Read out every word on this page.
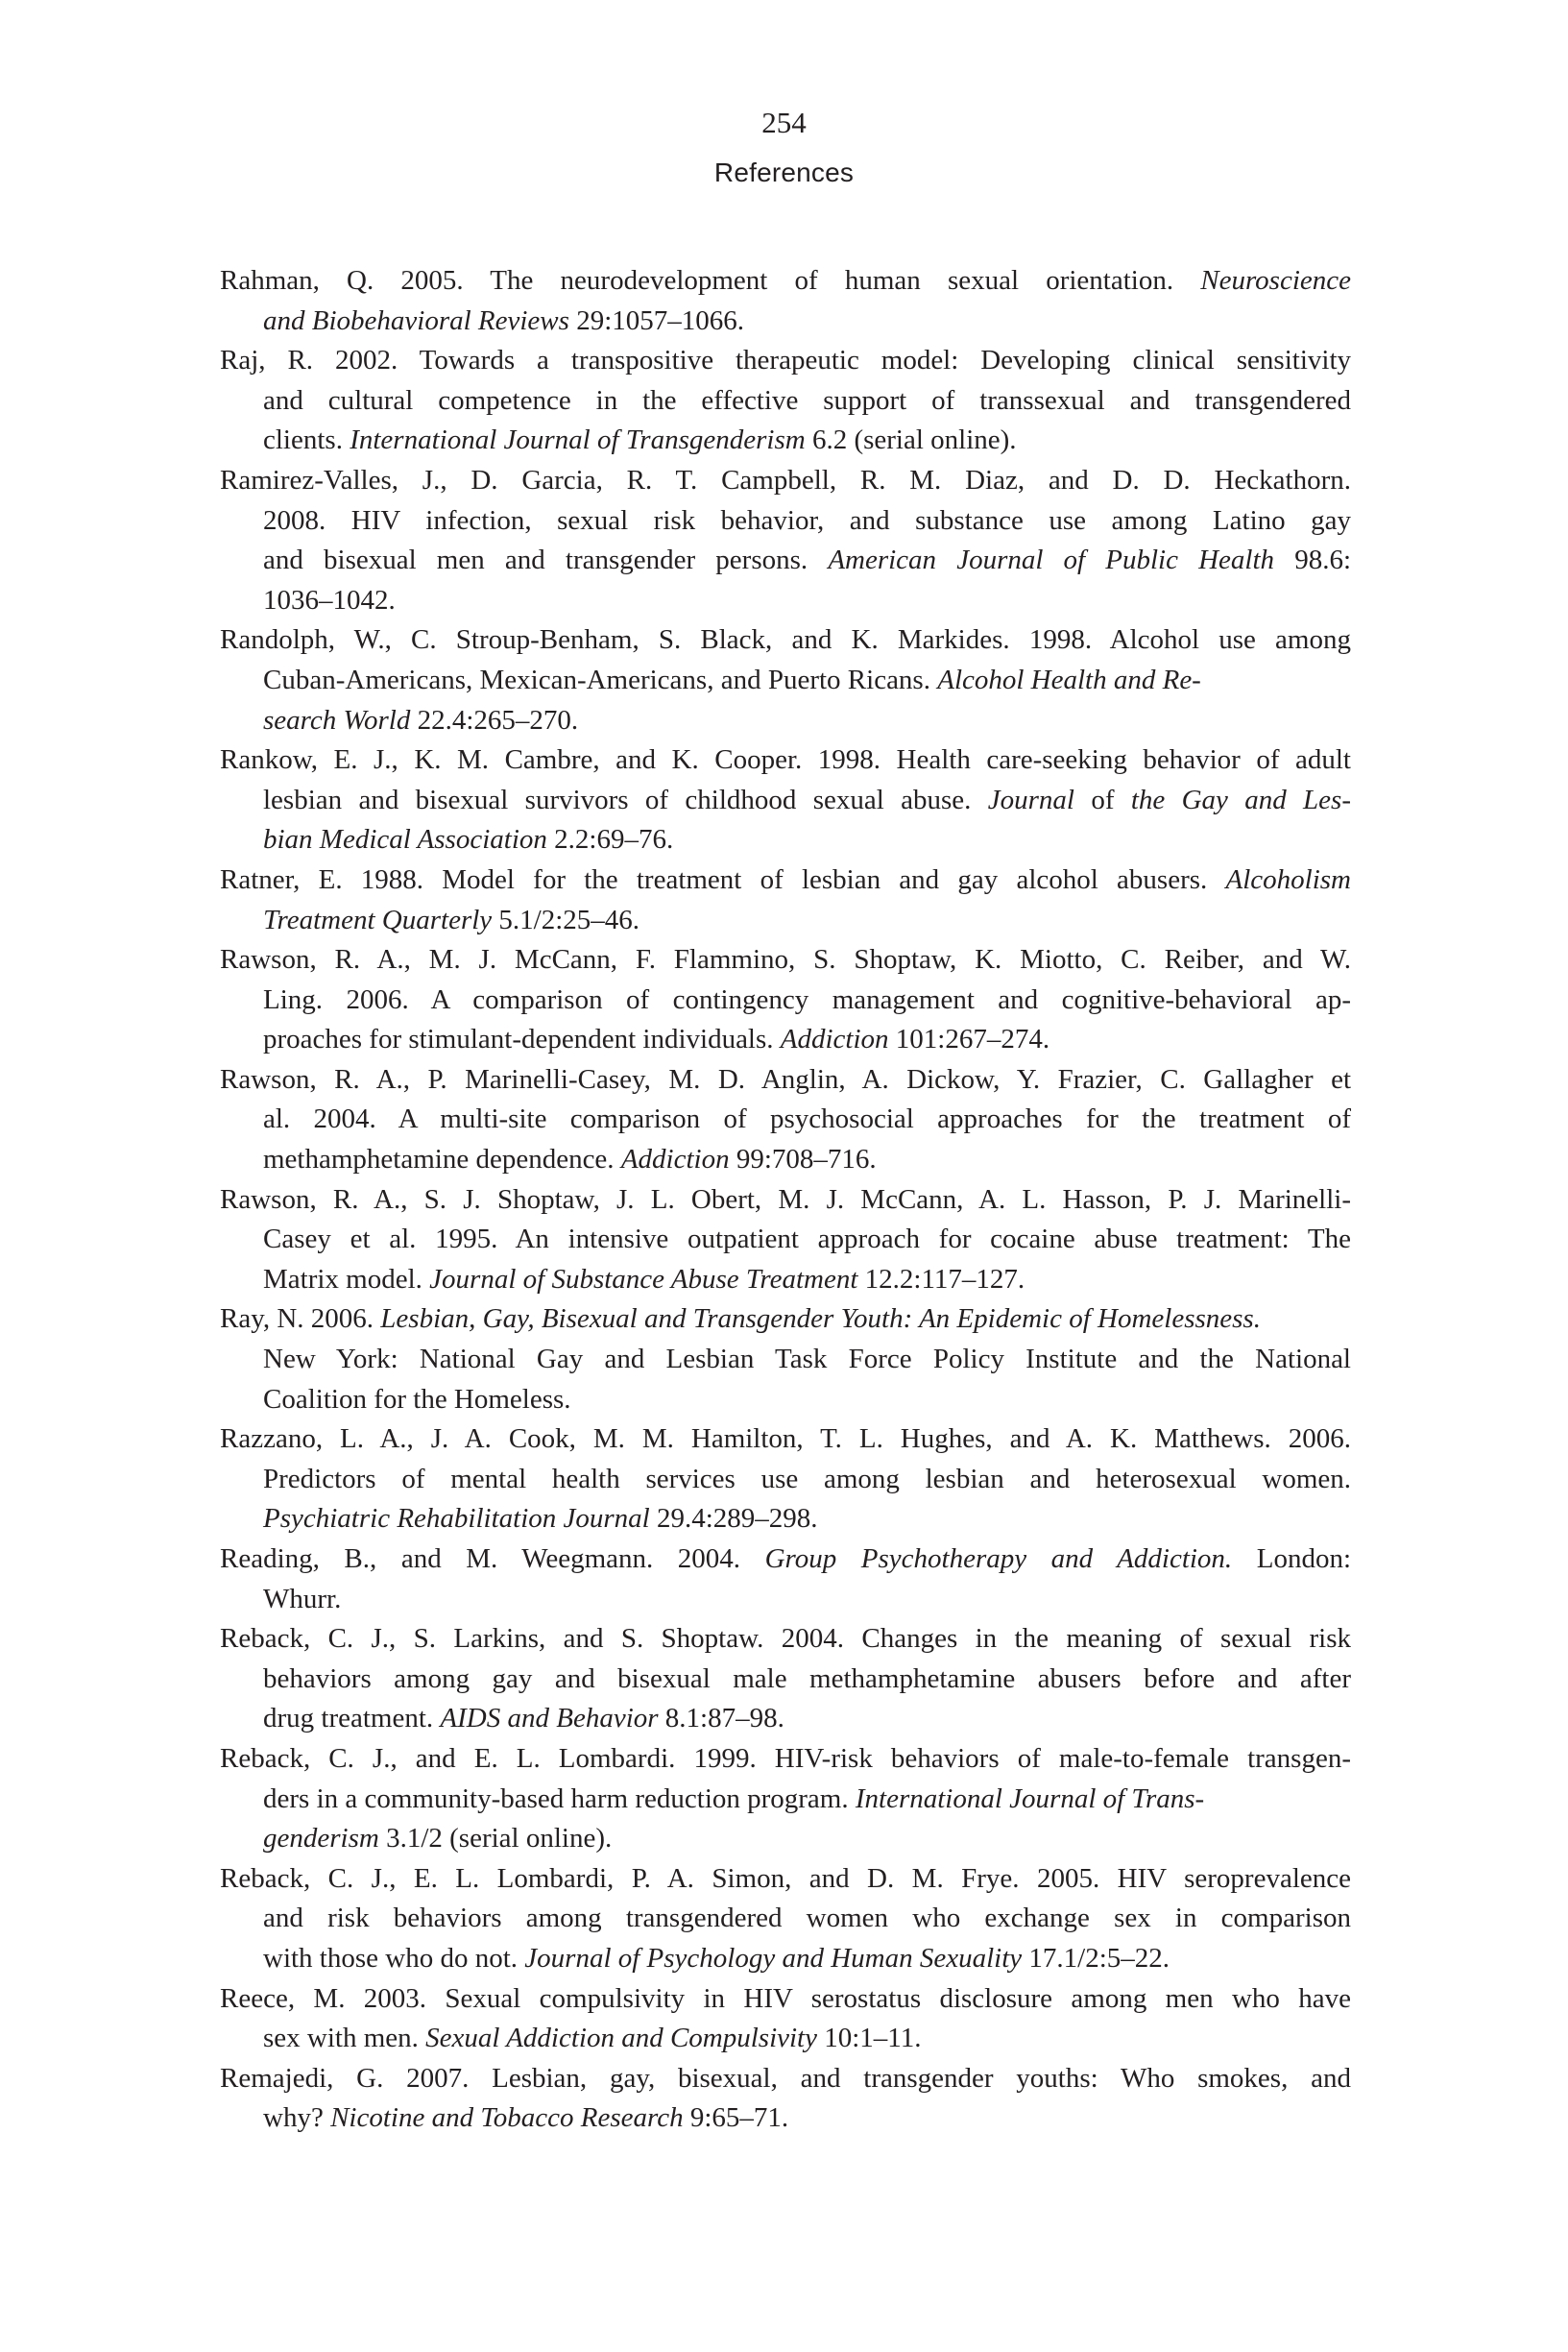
254
References
Rahman, Q. 2005. The neurodevelopment of human sexual orientation. Neuroscience
and Biobehavioral Reviews 29:1057–1066.
Raj, R. 2002. Towards a transpositive therapeutic model: Developing clinical sensitivity
and cultural competence in the effective support of transsexual and transgendered
clients. International Journal of Transgenderism 6.2 (serial online).
Ramirez-Valles, J., D. Garcia, R. T. Campbell, R. M. Diaz, and D. D. Heckathorn.
2008. HIV infection, sexual risk behavior, and substance use among Latino gay
and bisexual men and transgender persons. American Journal of Public Health 98.6:
1036–1042.
Randolph, W., C. Stroup-Benham, S. Black, and K. Markides. 1998. Alcohol use among
Cuban-Americans, Mexican-Americans, and Puerto Ricans. Alcohol Health and Re-
search World 22.4:265–270.
Rankow, E. J., K. M. Cambre, and K. Cooper. 1998. Health care-seeking behavior of adult
lesbian and bisexual survivors of childhood sexual abuse. Journal of the Gay and Les-
bian Medical Association 2.2:69–76.
Ratner, E. 1988. Model for the treatment of lesbian and gay alcohol abusers. Alcoholism
Treatment Quarterly 5.1/2:25–46.
Rawson, R. A., M. J. McCann, F. Flammino, S. Shoptaw, K. Miotto, C. Reiber, and W.
Ling. 2006. A comparison of contingency management and cognitive-behavioral ap-
proaches for stimulant-dependent individuals. Addiction 101:267–274.
Rawson, R. A., P. Marinelli-Casey, M. D. Anglin, A. Dickow, Y. Frazier, C. Gallagher et
al. 2004. A multi-site comparison of psychosocial approaches for the treatment of
methamphetamine dependence. Addiction 99:708–716.
Rawson, R. A., S. J. Shoptaw, J. L. Obert, M. J. McCann, A. L. Hasson, P. J. Marinelli-
Casey et al. 1995. An intensive outpatient approach for cocaine abuse treatment: The
Matrix model. Journal of Substance Abuse Treatment 12.2:117–127.
Ray, N. 2006. Lesbian, Gay, Bisexual and Transgender Youth: An Epidemic of Homelessness.
New York: National Gay and Lesbian Task Force Policy Institute and the National
Coalition for the Homeless.
Razzano, L. A., J. A. Cook, M. M. Hamilton, T. L. Hughes, and A. K. Matthews. 2006.
Predictors of mental health services use among lesbian and heterosexual women.
Psychiatric Rehabilitation Journal 29.4:289–298.
Reading, B., and M. Weegmann. 2004. Group Psychotherapy and Addiction. London:
Whurr.
Reback, C. J., S. Larkins, and S. Shoptaw. 2004. Changes in the meaning of sexual risk
behaviors among gay and bisexual male methamphetamine abusers before and after
drug treatment. AIDS and Behavior 8.1:87–98.
Reback, C. J., and E. L. Lombardi. 1999. HIV-risk behaviors of male-to-female transgen-
ders in a community-based harm reduction program. International Journal of Trans-
genderism 3.1/2 (serial online).
Reback, C. J., E. L. Lombardi, P. A. Simon, and D. M. Frye. 2005. HIV seroprevalence
and risk behaviors among transgendered women who exchange sex in comparison
with those who do not. Journal of Psychology and Human Sexuality 17.1/2:5–22.
Reece, M. 2003. Sexual compulsivity in HIV serostatus disclosure among men who have
sex with men. Sexual Addiction and Compulsivity 10:1–11.
Remajedi, G. 2007. Lesbian, gay, bisexual, and transgender youths: Who smokes, and
why? Nicotine and Tobacco Research 9:65–71.
